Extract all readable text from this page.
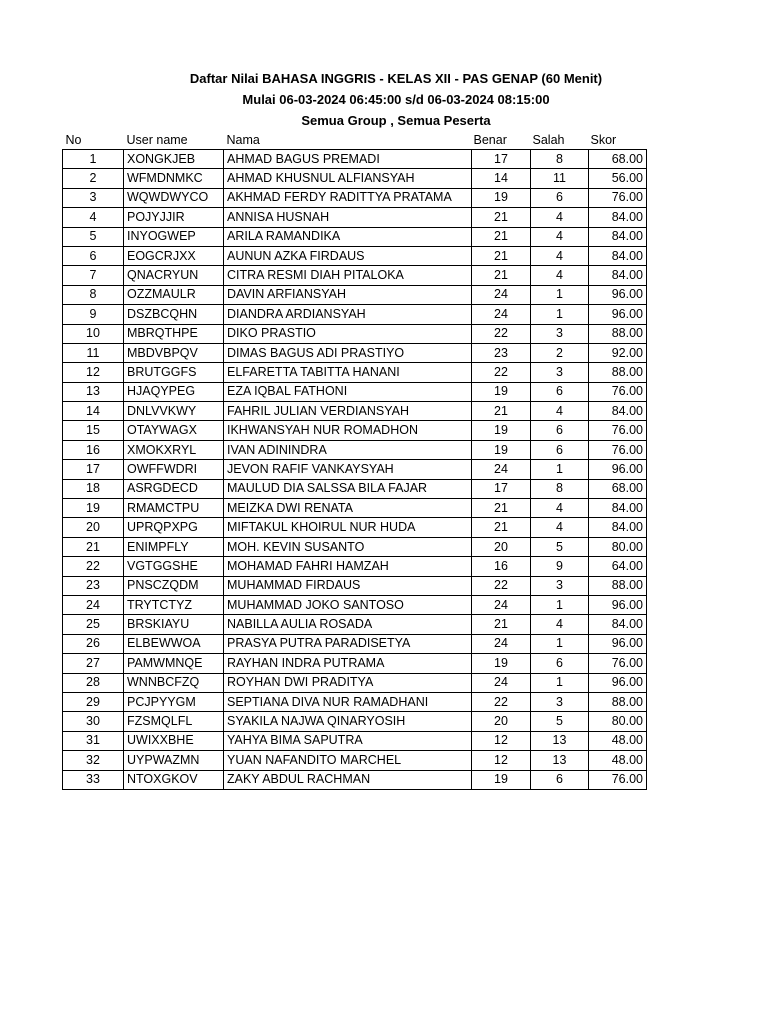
Daftar Nilai BAHASA INGGRIS - KELAS XII - PAS GENAP (60 Menit)
Mulai 06-03-2024 06:45:00 s/d 06-03-2024 08:15:00
Semua Group , Semua Peserta
No	User name	Nama	Benar	Salah	Skor
1	XONGKJEB	AHMAD BAGUS PREMADI	17	8	68.00
2	WFMDNMKC	AHMAD KHUSNUL ALFIANSYAH	14	11	56.00
3	WQWDWYCO	AKHMAD FERDY RADITTYA PRATAMA	19	6	76.00
4	POJYJJIR	ANNISA HUSNAH	21	4	84.00
5	INYOGWEP	ARILA RAMANDIKA	21	4	84.00
6	EOGCRJXX	AUNUN AZKA FIRDAUS	21	4	84.00
7	QNACRYUN	CITRA RESMI DIAH PITALOKA	21	4	84.00
8	OZZMAULR	DAVIN ARFIANSYAH	24	1	96.00
9	DSZBCQHN	DIANDRA ARDIANSYAH	24	1	96.00
10	MBRQTHPE	DIKO PRASTIO	22	3	88.00
11	MBDVBPQV	DIMAS BAGUS ADI PRASTIYO	23	2	92.00
12	BRUTGGFS	ELFARETTA TABITTA HANANI	22	3	88.00
13	HJAQYPEG	EZA IQBAL FATHONI	19	6	76.00
14	DNLVVKWY	FAHRIL JULIAN VERDIANSYAH	21	4	84.00
15	OTAYWAGX	IKHWANSYAH NUR ROMADHON	19	6	76.00
16	XMOKXRYL	IVAN ADININDRA	19	6	76.00
17	OWFFWDRI	JEVON RAFIF VANKAYSYAH	24	1	96.00
18	ASRGDECD	MAULUD DIA SALSSA BILA FAJAR	17	8	68.00
19	RMAMCTPU	MEIZKA DWI RENATA	21	4	84.00
20	UPRQPXPG	MIFTAKUL KHOIRUL NUR HUDA	21	4	84.00
21	ENIMPFLY	MOH. KEVIN SUSANTO	20	5	80.00
22	VGTGGSHE	MOHAMAD FAHRI HAMZAH	16	9	64.00
23	PNSCZQDM	MUHAMMAD FIRDAUS	22	3	88.00
24	TRYTCTYZ	MUHAMMAD JOKO SANTOSO	24	1	96.00
25	BRSKIAYU	NABILLA AULIA ROSADA	21	4	84.00
26	ELBEWWOA	PRASYA PUTRA PARADISETYA	24	1	96.00
27	PAMWMNQE	RAYHAN INDRA PUTRAMA	19	6	76.00
28	WNNBCFZQ	ROYHAN DWI PRADITYA	24	1	96.00
29	PCJPYYGM	SEPTIANA DIVA NUR RAMADHANI	22	3	88.00
30	FZSMQLFL	SYAKILA NAJWA QINARYOSIH	20	5	80.00
31	UWIXXBHE	YAHYA BIMA SAPUTRA	12	13	48.00
32	UYPWAZMN	YUAN NAFANDITO MARCHEL	12	13	48.00
33	NTOXGKOV	ZAKY ABDUL RACHMAN	19	6	76.00
